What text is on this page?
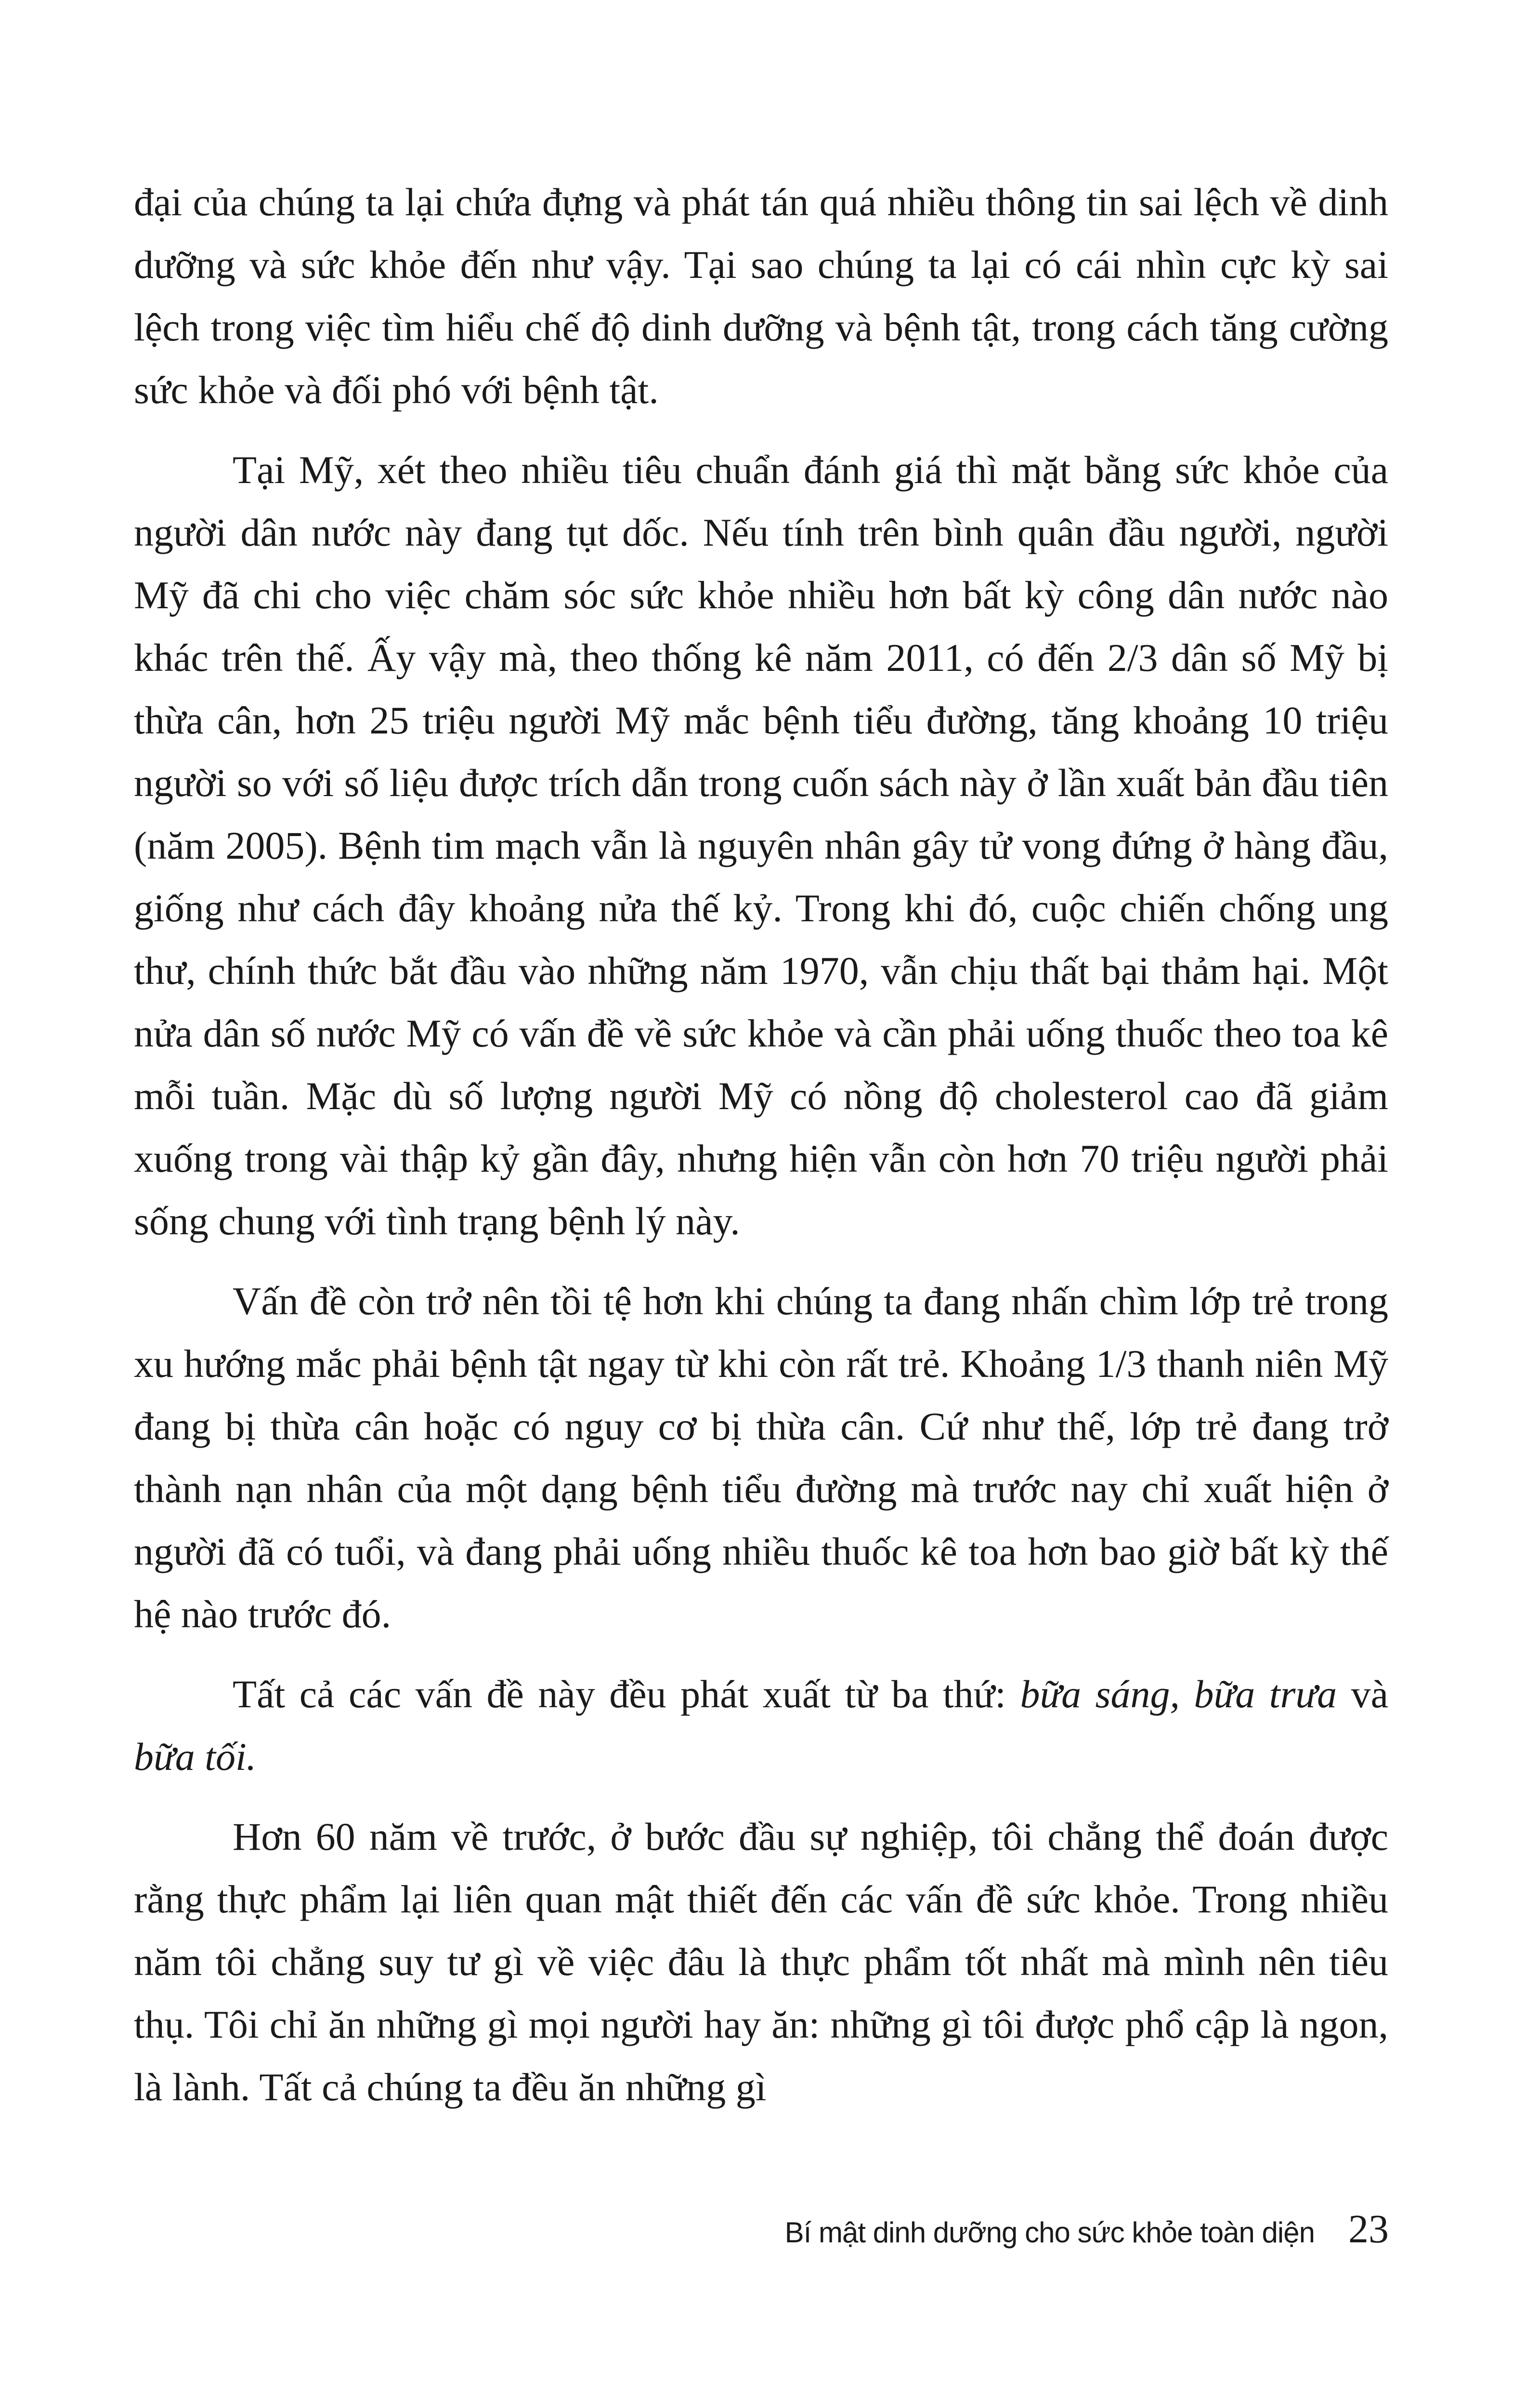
đại của chúng ta lại chứa đựng và phát tán quá nhiều thông tin sai lệch về dinh dưỡng và sức khỏe đến như vậy. Tại sao chúng ta lại có cái nhìn cực kỳ sai lệch trong việc tìm hiểu chế độ dinh dưỡng và bệnh tật, trong cách tăng cường sức khỏe và đối phó với bệnh tật.

Tại Mỹ, xét theo nhiều tiêu chuẩn đánh giá thì mặt bằng sức khỏe của người dân nước này đang tụt dốc. Nếu tính trên bình quân đầu người, người Mỹ đã chi cho việc chăm sóc sức khỏe nhiều hơn bất kỳ công dân nước nào khác trên thế. Ấy vậy mà, theo thống kê năm 2011, có đến 2/3 dân số Mỹ bị thừa cân, hơn 25 triệu người Mỹ mắc bệnh tiểu đường, tăng khoảng 10 triệu người so với số liệu được trích dẫn trong cuốn sách này ở lần xuất bản đầu tiên (năm 2005). Bệnh tim mạch vẫn là nguyên nhân gây tử vong đứng ở hàng đầu, giống như cách đây khoảng nửa thế kỷ. Trong khi đó, cuộc chiến chống ung thư, chính thức bắt đầu vào những năm 1970, vẫn chịu thất bại thảm hại. Một nửa dân số nước Mỹ có vấn đề về sức khỏe và cần phải uống thuốc theo toa kê mỗi tuần. Mặc dù số lượng người Mỹ có nồng độ cholesterol cao đã giảm xuống trong vài thập kỷ gần đây, nhưng hiện vẫn còn hơn 70 triệu người phải sống chung với tình trạng bệnh lý này.

Vấn đề còn trở nên tồi tệ hơn khi chúng ta đang nhấn chìm lớp trẻ trong xu hướng mắc phải bệnh tật ngay từ khi còn rất trẻ. Khoảng 1/3 thanh niên Mỹ đang bị thừa cân hoặc có nguy cơ bị thừa cân. Cứ như thế, lớp trẻ đang trở thành nạn nhân của một dạng bệnh tiểu đường mà trước nay chỉ xuất hiện ở người đã có tuổi, và đang phải uống nhiều thuốc kê toa hơn bao giờ bất kỳ thế hệ nào trước đó.

Tất cả các vấn đề này đều phát xuất từ ba thứ: bữa sáng, bữa trưa và bữa tối.

Hơn 60 năm về trước, ở bước đầu sự nghiệp, tôi chẳng thể đoán được rằng thực phẩm lại liên quan mật thiết đến các vấn đề sức khỏe. Trong nhiều năm tôi chẳng suy tư gì về việc đâu là thực phẩm tốt nhất mà mình nên tiêu thụ. Tôi chỉ ăn những gì mọi người hay ăn: những gì tôi được phổ cập là ngon, là lành. Tất cả chúng ta đều ăn những gì

Bí mật dinh dưỡng cho sức khỏe toàn diện 23
